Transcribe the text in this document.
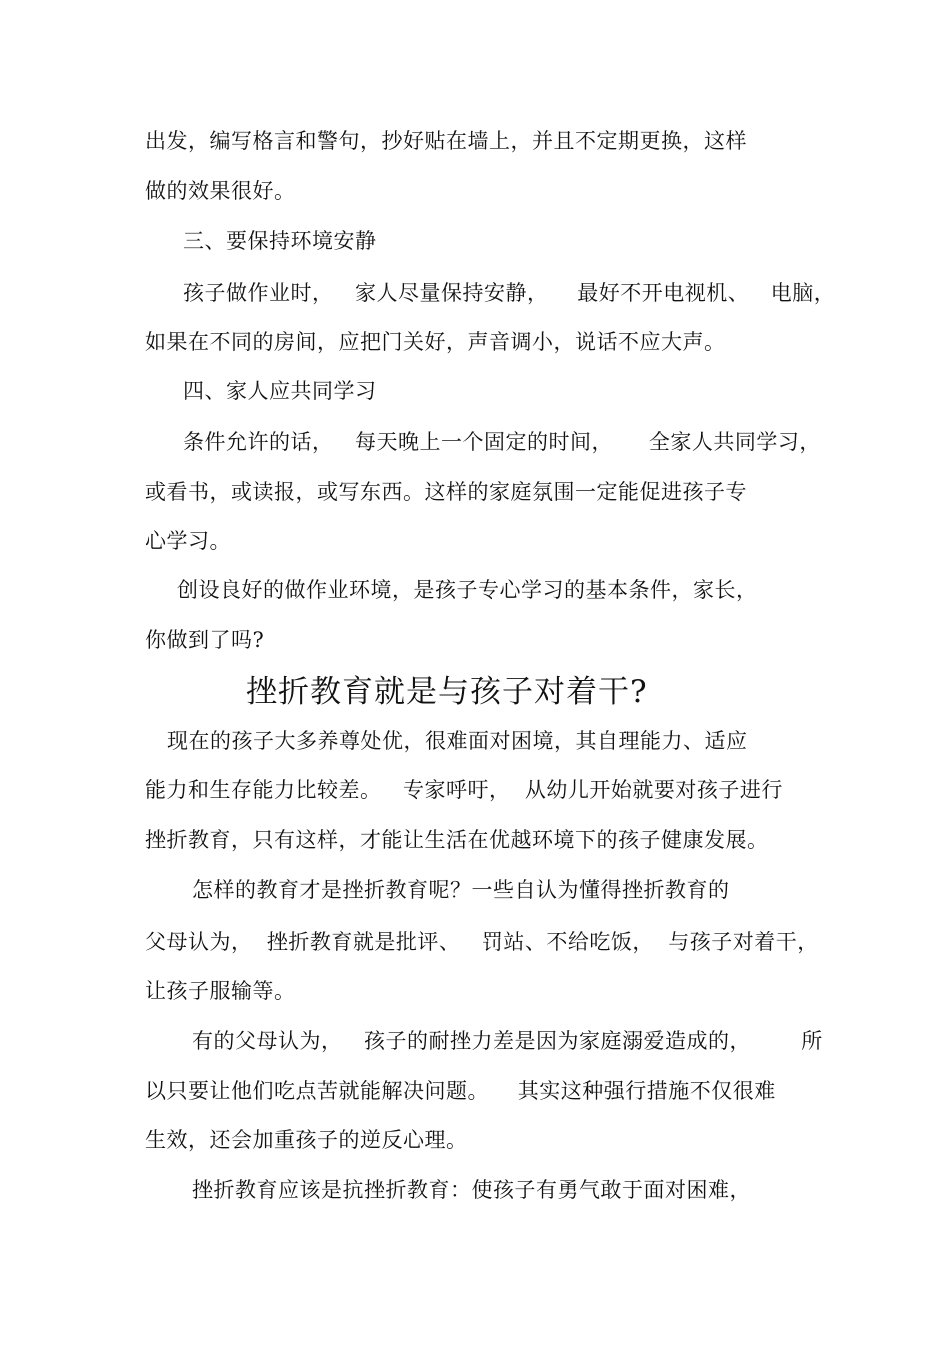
出发，编写格言和警句，抄好贴在墙上，并且不定期更换，这样
做的效果很好。
三、要保持环境安静
孩子做作业时，   家人尽量保持安静，    最好不开电视机、   电脑，
如果在不同的房间，应把门关好，声音调小，说话不应大声。
四、家人应共同学习
条件允许的话，   每天晚上一个固定的时间，     全家人共同学习，
或看书，或读报，或写东西。这样的家庭氛围一定能促进孩子专
心学习。
创设良好的做作业环境，是孩子专心学习的基本条件，家长，
你做到了吗?
挫折教育就是与孩子对着干?
现在的孩子大多养尊处优，很难面对困境，其自理能力、适应
能力和生存能力比较差。   专家呼吁，  从幼儿开始就要对孩子进行
挫折教育，只有这样，才能让生活在优越环境下的孩子健康发展。
怎样的教育才是挫折教育呢？一些自认为懂得挫折教育的
父母认为，  挫折教育就是批评、   罚站、不给吃饭，  与孩子对着干，
让孩子服输等。
有的父母认为，   孩子的耐挫力差是因为家庭溺爱造成的，       所
以只要让他们吃点苦就能解决问题。    其实这种强行措施不仅很难
生效，还会加重孩子的逆反心理。
挫折教育应该是抗挫折教育：使孩子有勇气敢于面对困难，
